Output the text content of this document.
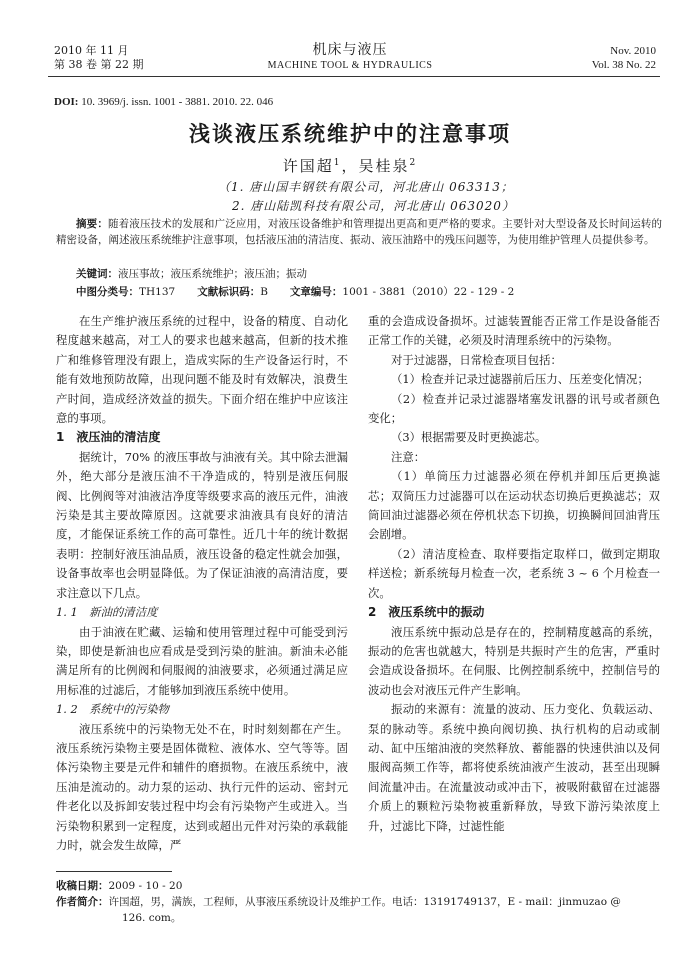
2010 年 11 月
第 38 卷 第 22 期
机床与液压
MACHINE TOOL & HYDRAULICS
Nov. 2010
Vol. 38 No. 22
DOI: 10. 3969/j. issn. 1001 - 3881. 2010. 22. 046
浅谈液压系统维护中的注意事项
许国超$^1$，吴桂泉$^2$
（1. 唐山国丰钢铁有限公司，河北唐山 063313；
2. 唐山陆凯科技有限公司，河北唐山 063020）
摘要：随着液压技术的发展和广泛应用，对液压设备维护和管理提出更高和更严格的要求。主要针对大型设备及长时间运转的精密设备，阐述液压系统维护注意事项，包括液压油的清洁度、振动、液压油路中的残压问题等，为使用维护管理人员提供参考。
关键词：液压事故；液压系统维护；液压油；振动
中图分类号：TH137 文献标识码：B 文章编号：1001 - 3881（2010）22 - 129 - 2

在生产维护液压系统的过程中，设备的精度、自动化程度越来越高，对工人的要求也越来越高，但新的技术推广和维修管理没有跟上，造成实际的生产设备运行时，不能有效地预防故障，出现问题不能及时有效解决，浪费生产时间，造成经济效益的损失。下面介绍在维护中应该注意的事项。

1　液压油的清洁度

据统计，70% 的液压事故与油液有关。其中除去泄漏外，绝大部分是液压油不干净造成的，特别是液压伺服阀、比例阀等对油液洁净度等级要求高的液压元件，油液污染是其主要故障原因。这就要求油液具有良好的清洁度，才能保证系统工作的高可靠性。近几十年的统计数据表明：控制好液压油品质，液压设备的稳定性就会加强，设备事故率也会明显降低。为了保证油液的高清洁度，要求注意以下几点。

1. 1　新油的清洁度

由于油液在贮藏、运输和使用管理过程中可能受到污染，即使是新油也应看成是受到污染的脏油。新油未必能满足所有的比例阀和伺服阀的油液要求，必须通过满足应用标准的过滤后，才能够加到液压系统中使用。

1. 2　系统中的污染物

液压系统中的污染物无处不在，时时刻刻都在产生。液压系统污染物主要是固体微粒、液体水、空气等等。固体污染物主要是元件和辅件的磨损物。在液压系统中，液压油是流动的。动力泵的运动、执行元件的运动、密封元件老化以及拆卸安装过程中均会有污染物产生或进入。当污染物积累到一定程度，达到或超出元件对污染的承载能力时，就会发生故障，严

重的会造成设备损坏。过滤装置能否正常工作是设备能否正常工作的关键，必须及时清理系统中的污染物。

对于过滤器，日常检查项目包括：

（1）检查并记录过滤器前后压力、压差变化情况；

（2）检查并记录过滤器堵塞发讯器的讯号或者颜色变化；

（3）根据需要及时更换滤芯。

注意：

（1）单筒压力过滤器必须在停机并卸压后更换滤芯；双筒压力过滤器可以在运动状态切换后更换滤芯；双筒回油过滤器必须在停机状态下切换，切换瞬间回油背压会剧增。

（2）清洁度检查、取样要指定取样口，做到定期取样送检；新系统每月检查一次，老系统 3 ~ 6 个月检查一次。

2　液压系统中的振动

液压系统中振动总是存在的，控制精度越高的系统，振动的危害也就越大，特别是共振时产生的危害，严重时会造成设备损坏。在伺服、比例控制系统中，控制信号的波动也会对液压元件产生影响。

振动的来源有：流量的波动、压力变化、负载运动、泵的脉动等。系统中换向阀切换、执行机构的启动或制动、缸中压缩油液的突然释放、蓄能器的快速供油以及伺服阀高频工作等，都将使系统油液产生波动，甚至出现瞬间流量冲击。在流量波动或冲击下，被吸附截留在过滤器介质上的颗粒污染物被重新释放，导致下游污染浓度上升，过滤比下降，过滤性能

收稿日期：2009 - 10 - 20
作者简介：许国超，男，满族，工程师，从事液压系统设计及维护工作。电话：13191749137，E - mail：jinmuzao @
126. com。
